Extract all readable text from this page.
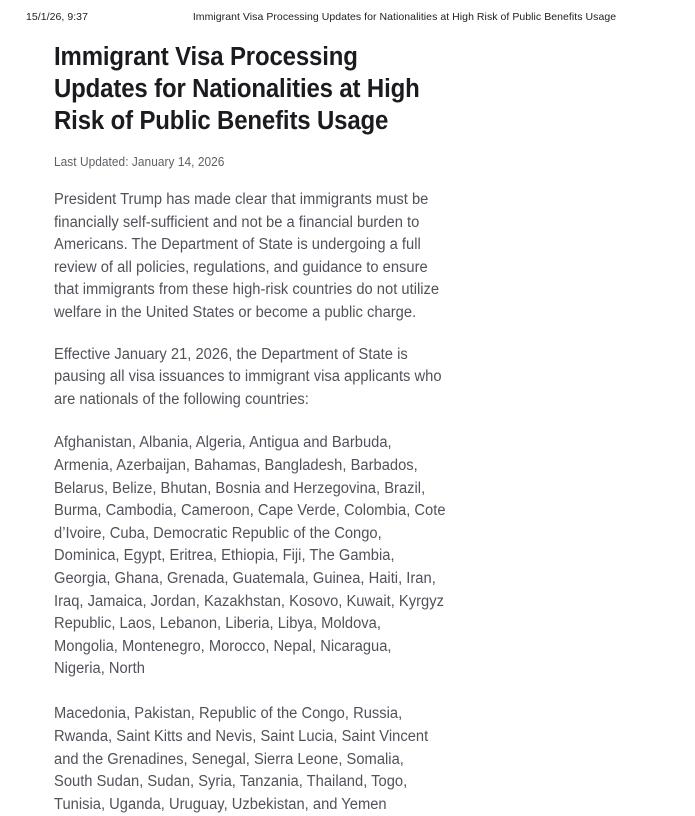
15/1/26, 9:37	Immigrant Visa Processing Updates for Nationalities at High Risk of Public Benefits Usage
Immigrant Visa Processing Updates for Nationalities at High Risk of Public Benefits Usage

Last Updated: January 14, 2026

President Trump has made clear that immigrants must be financially self-sufficient and not be a financial burden to Americans. The Department of State is undergoing a full review of all policies, regulations, and guidance to ensure that immigrants from these high-risk countries do not utilize welfare in the United States or become a public charge.

Effective January 21, 2026, the Department of State is pausing all visa issuances to immigrant visa applicants who are nationals of the following countries:

Afghanistan, Albania, Algeria, Antigua and Barbuda, Armenia, Azerbaijan, Bahamas, Bangladesh, Barbados, Belarus, Belize, Bhutan, Bosnia and Herzegovina, Brazil, Burma, Cambodia, Cameroon, Cape Verde, Colombia, Cote d’Ivoire, Cuba, Democratic Republic of the Congo, Dominica, Egypt, Eritrea, Ethiopia, Fiji, The Gambia, Georgia, Ghana, Grenada, Guatemala, Guinea, Haiti, Iran, Iraq, Jamaica, Jordan, Kazakhstan, Kosovo, Kuwait, Kyrgyz Republic, Laos, Lebanon, Liberia, Libya, Moldova, Mongolia, Montenegro, Morocco, Nepal, Nicaragua, Nigeria, North

Macedonia, Pakistan, Republic of the Congo, Russia, Rwanda, Saint Kitts and Nevis, Saint Lucia, Saint Vincent and the Grenadines, Senegal, Sierra Leone, Somalia, South Sudan, Sudan, Syria, Tanzania, Thailand, Togo, Tunisia, Uganda, Uruguay, Uzbekistan, and Yemen
